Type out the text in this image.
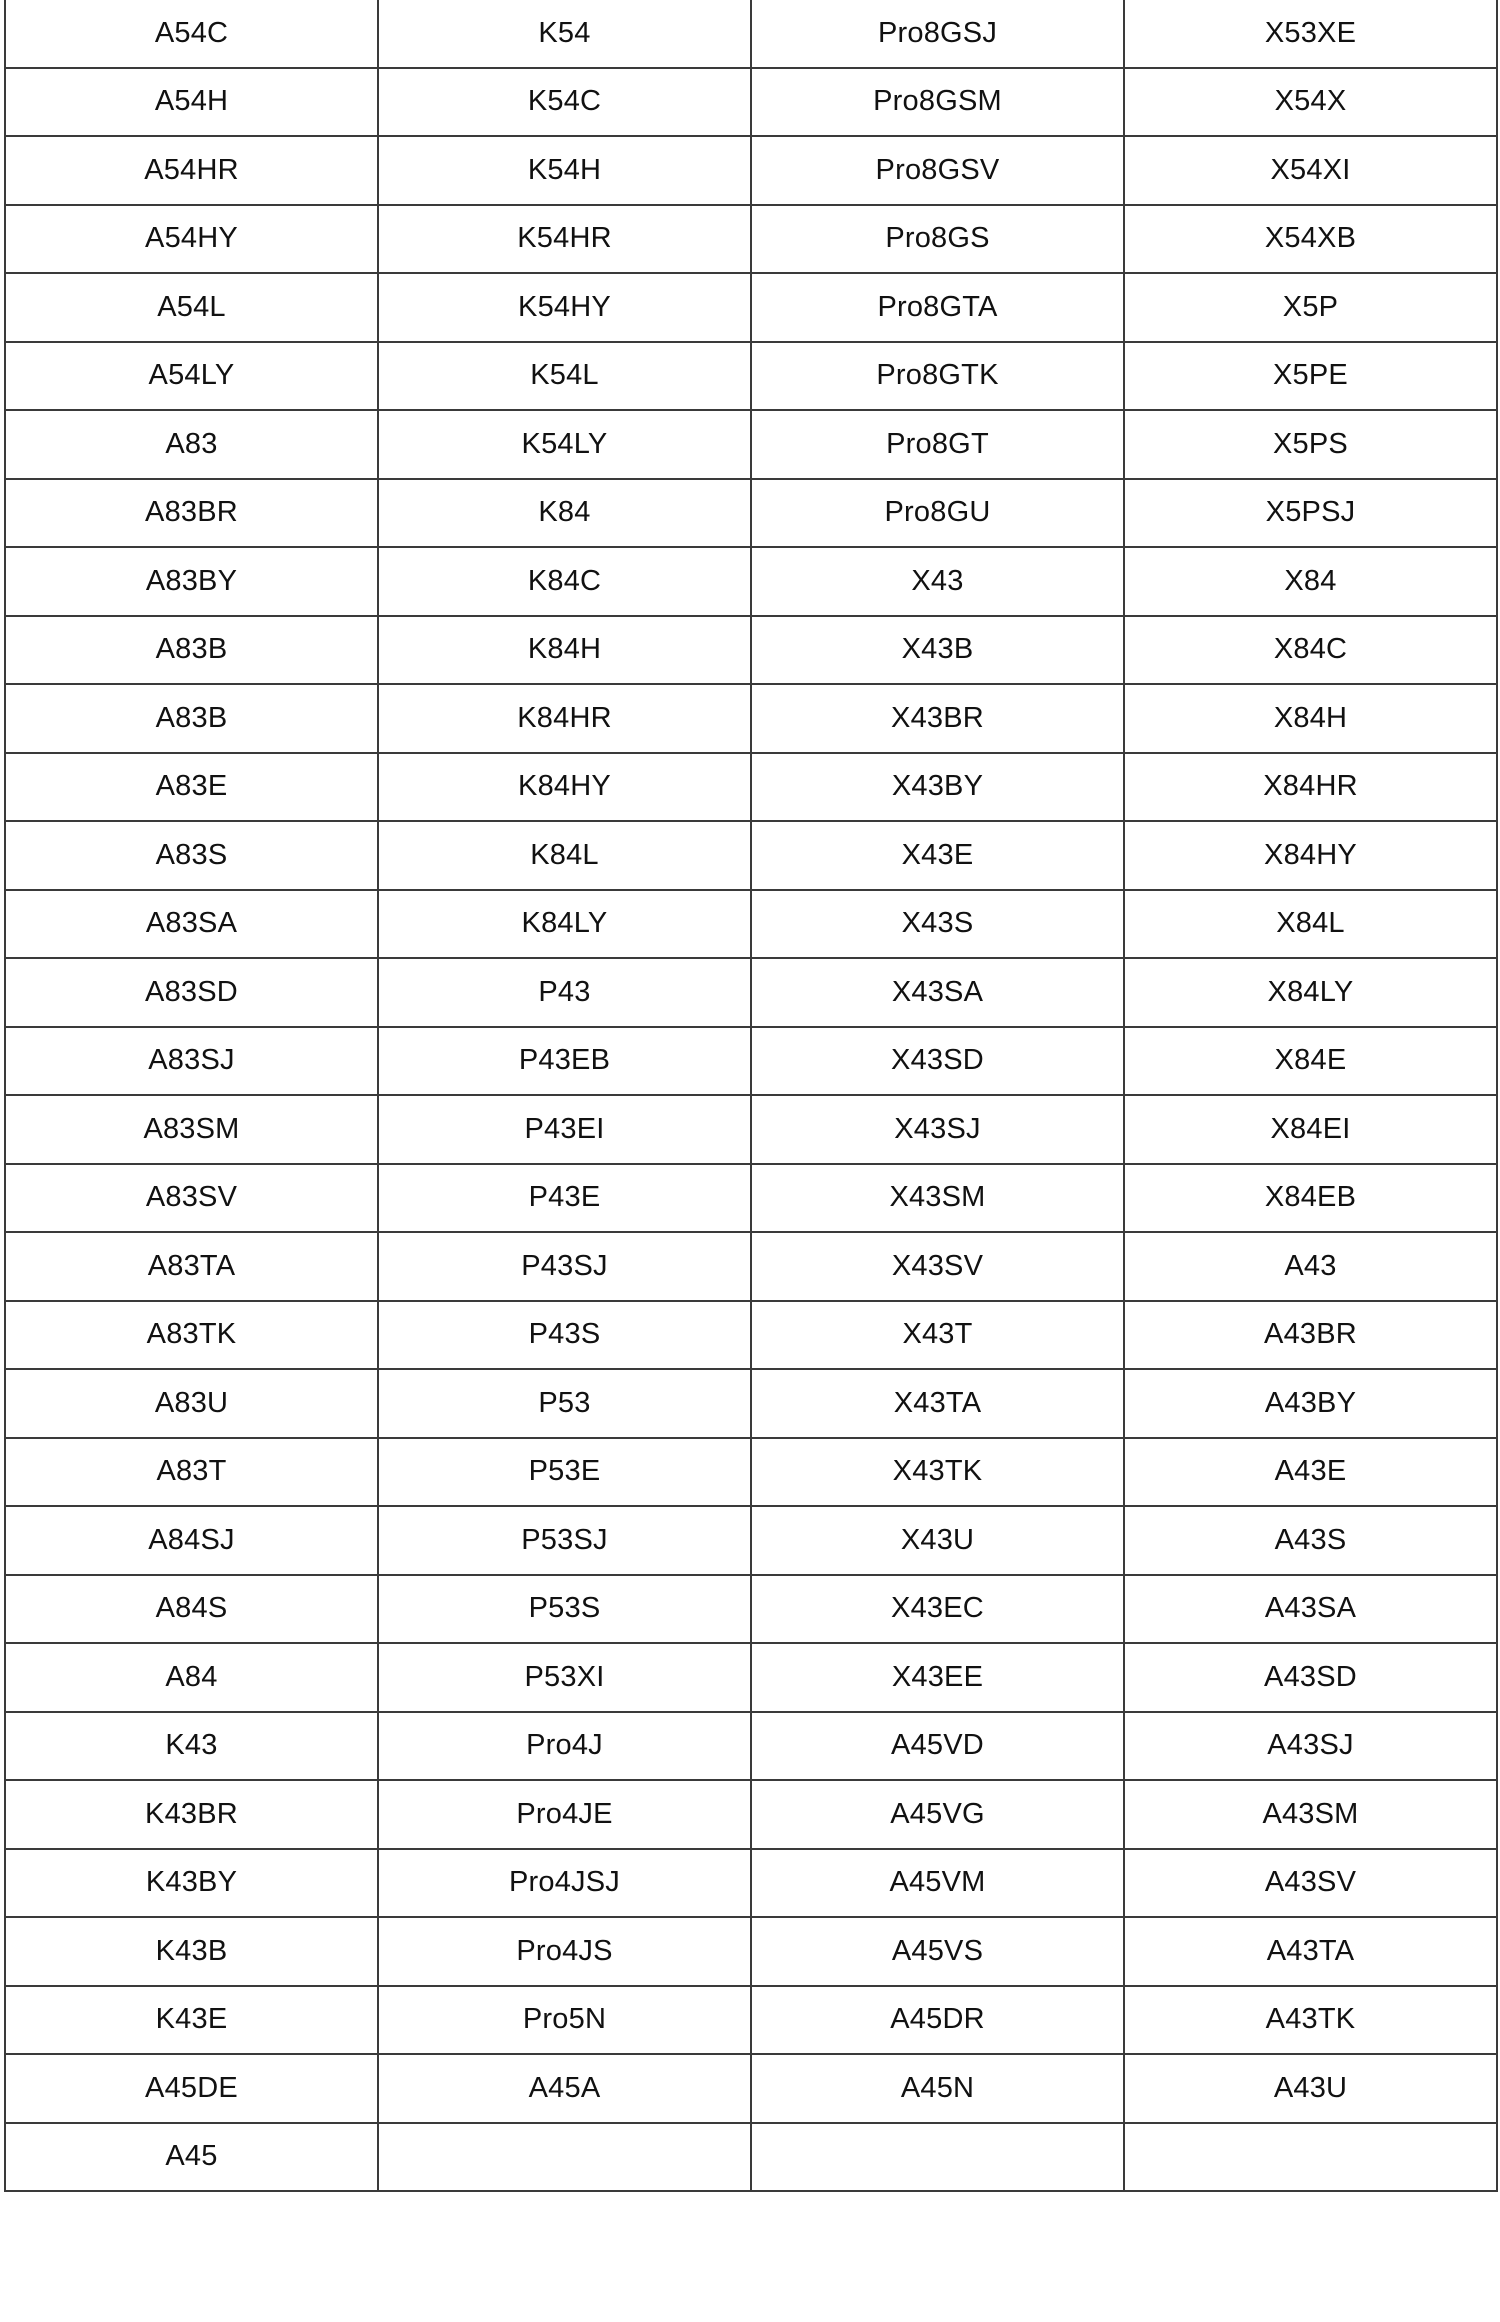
A54C	K54	Pro8GSJ	X53XE
A54H	K54C	Pro8GSM	X54X
A54HR	K54H	Pro8GSV	X54XI
A54HY	K54HR	Pro8GS	X54XB
A54L	K54HY	Pro8GTA	X5P
A54LY	K54L	Pro8GTK	X5PE
A83	K54LY	Pro8GT	X5PS
A83BR	K84	Pro8GU	X5PSJ
A83BY	K84C	X43	X84
A83B	K84H	X43B	X84C
A83B	K84HR	X43BR	X84H
A83E	K84HY	X43BY	X84HR
A83S	K84L	X43E	X84HY
A83SA	K84LY	X43S	X84L
A83SD	P43	X43SA	X84LY
A83SJ	P43EB	X43SD	X84E
A83SM	P43EI	X43SJ	X84EI
A83SV	P43E	X43SM	X84EB
A83TA	P43SJ	X43SV	A43
A83TK	P43S	X43T	A43BR
A83U	P53	X43TA	A43BY
A83T	P53E	X43TK	A43E
A84SJ	P53SJ	X43U	A43S
A84S	P53S	X43EC	A43SA
A84	P53XI	X43EE	A43SD
K43	Pro4J	A45VD	A43SJ
K43BR	Pro4JE	A45VG	A43SM
K43BY	Pro4JSJ	A45VM	A43SV
K43B	Pro4JS	A45VS	A43TA
K43E	Pro5N	A45DR	A43TK
A45DE	A45A	A45N	A43U
A45			
